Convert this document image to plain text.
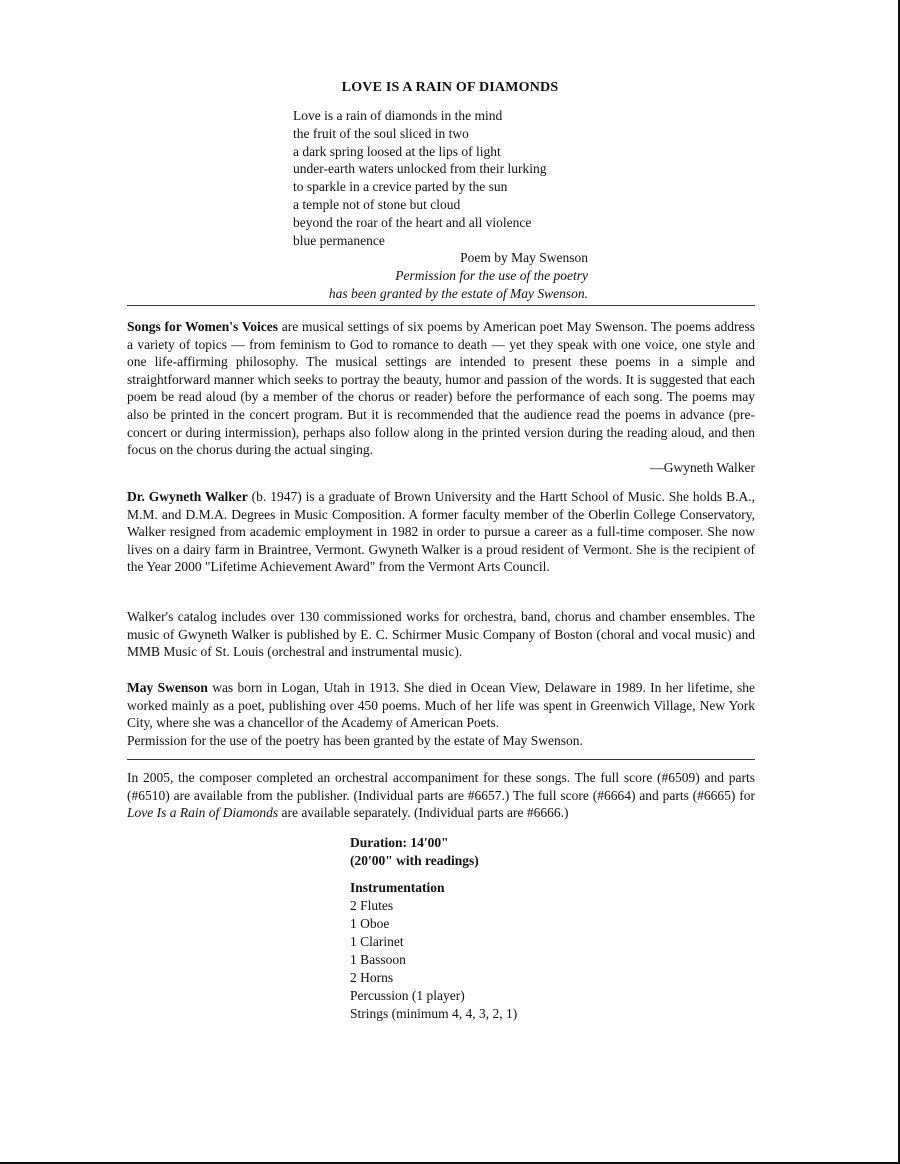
LOVE IS A RAIN OF DIAMONDS
Love is a rain of diamonds in the mind
the fruit of the soul sliced in two
a dark spring loosed at the lips of light
under-earth waters unlocked from their lurking
to sparkle in a crevice parted by the sun
a temple not of stone but cloud
beyond the roar of the heart and all violence
blue permanence
Poem by May Swenson
Permission for the use of the poetry
has been granted by the estate of May Swenson.
Songs for Women's Voices are musical settings of six poems by American poet May Swenson. The poems address a variety of topics — from feminism to God to romance to death — yet they speak with one voice, one style and one life-affirming philosophy. The musical settings are intended to present these poems in a simple and straightforward manner which seeks to portray the beauty, humor and passion of the words. It is suggested that each poem be read aloud (by a member of the chorus or reader) before the performance of each song. The poems may also be printed in the concert program. But it is recommended that the audience read the poems in advance (pre-concert or during intermission), perhaps also follow along in the printed version during the reading aloud, and then focus on the chorus during the actual singing.
—Gwyneth Walker
Dr. Gwyneth Walker (b. 1947) is a graduate of Brown University and the Hartt School of Music. She holds B.A., M.M. and D.M.A. Degrees in Music Composition. A former faculty member of the Oberlin College Conservatory, Walker resigned from academic employment in 1982 in order to pursue a career as a full-time composer. She now lives on a dairy farm in Braintree, Vermont. Gwyneth Walker is a proud resident of Vermont. She is the recipient of the Year 2000 "Lifetime Achievement Award" from the Vermont Arts Council.
Walker's catalog includes over 130 commissioned works for orchestra, band, chorus and chamber ensembles. The music of Gwyneth Walker is published by E. C. Schirmer Music Company of Boston (choral and vocal music) and MMB Music of St. Louis (orchestral and instrumental music).
May Swenson was born in Logan, Utah in 1913. She died in Ocean View, Delaware in 1989. In her lifetime, she worked mainly as a poet, publishing over 450 poems. Much of her life was spent in Greenwich Village, New York City, where she was a chancellor of the Academy of American Poets.
Permission for the use of the poetry has been granted by the estate of May Swenson.
In 2005, the composer completed an orchestral accompaniment for these songs. The full score (#6509) and parts (#6510) are available from the publisher. (Individual parts are #6657.) The full score (#6664) and parts (#6665) for Love Is a Rain of Diamonds are available separately. (Individual parts are #6666.)
Duration: 14'00"
(20'00" with readings)
Instrumentation
2 Flutes
1 Oboe
1 Clarinet
1 Bassoon
2 Horns
Percussion (1 player)
Strings (minimum 4, 4, 3, 2, 1)
